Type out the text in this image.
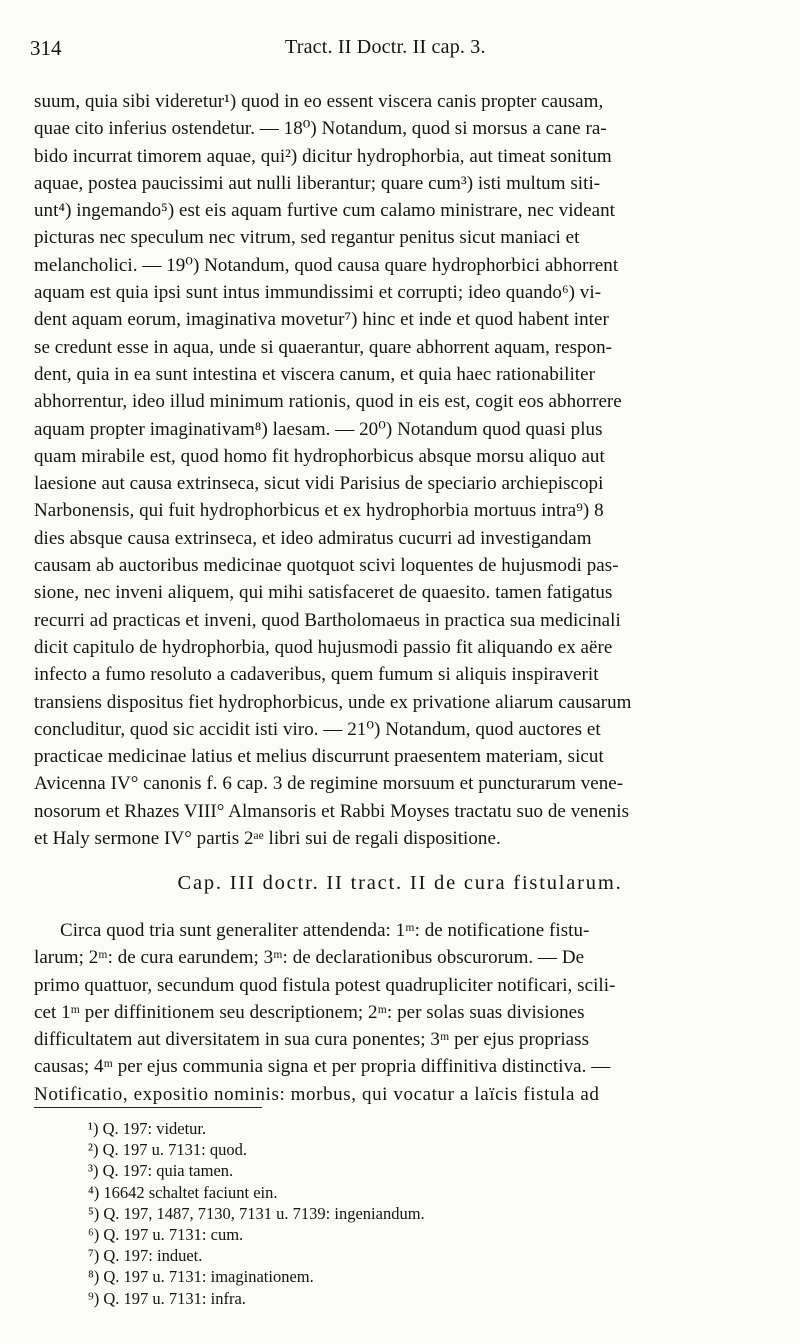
314	Tract. II Doctr. II cap. 3.
suum, quia sibi videretur¹) quod in eo essent viscera canis propter causam,
quae cito inferius ostendetur. — 18⁰) Notandum, quod si morsus a cane ra-
bido incurrat timorem aquae, qui²) dicitur hydrophorbia, aut timeat sonitum
aquae, postea paucissimi aut nulli liberantur; quare cum³) isti multum siti-
unt⁴) ingemando⁵) est eis aquam furtive cum calamo ministrare, nec videant
picturas nec speculum nec vitrum, sed regantur penitus sicut maniaci et
melancholici. — 19⁰) Notandum, quod causa quare hydrophorbici abhorrent
aquam est quia ipsi sunt intus immundissimi et corrupti; ideo quando⁶) vi-
dent aquam eorum, imaginativa movetur⁷) hinc et inde et quod habent inter
se credunt esse in aqua, unde si quaerantur, quare abhorrent aquam, respon-
dent, quia in ea sunt intestina et viscera canum, et quia haec rationabiliter
abhorrentur, ideo illud minimum rationis, quod in eis est, cogit eos abhorrere
aquam propter imaginativam⁸) laesam. — 20⁰) Notandum quod quasi plus
quam mirabile est, quod homo fit hydrophorbicus absque morsu aliquo aut
laesione aut causa extrinseca, sicut vidi Parisius de speciario archiepiscopi
Narbonensis, qui fuit hydrophorbicus et ex hydrophorbia mortuus intra⁹) 8
dies absque causa extrinseca, et ideo admiratus cucurri ad investigandam
causam ab auctoribus medicinae quotquot scivi loquentes de hujusmodi pas-
sione, nec inveni aliquem, qui mihi satisfaceret de quaesito. tamen fatigatus
recurri ad practicas et inveni, quod Bartholomaeus in practica sua medicinali
dicit capitulo de hydrophorbia, quod hujusmodi passio fit aliquando ex aëre
infecto a fumo resoluto a cadaveribus, quem fumum si aliquis inspiraverit
transiens dispositus fiet hydrophorbicus, unde ex privatione aliarum causarum
concluditur, quod sic accidit isti viro. — 21⁰) Notandum, quod auctores et
practicae medicinae latius et melius discurrunt praesentem materiam, sicut
Avicenna IV° canonis f. 6 cap. 3 de regimine morsuum et puncturarum vene-
nosorum et Rhazes VIII° Almansoris et Rabbi Moyses tractatu suo de venenis
et Haly sermone IV° partis 2ᵃᵉ libri sui de regali dispositione.
Cap. III doctr. II tract. II de cura fistularum.
Circa quod tria sunt generaliter attendenda: 1ᵐ: de notificatione fistu-
larum; 2ᵐ: de cura earundem; 3ᵐ: de declarationibus obscurorum. — De
primo quattuor, secundum quod fistula potest quadrupliciter notificari, scili-
cet 1ᵐ per diffinitionem seu descriptionem; 2ᵐ: per solas suas divisiones
difficultatem aut diversitatem in sua cura ponentes; 3ᵐ per ejus propriass
causas; 4ᵐ per ejus communia signa et per propria diffinitiva distinctiva. —
Notificatio, expositio nominis: morbus, qui vocatur a laïcis fistula ad
¹) Q. 197: videtur.
²) Q. 197 u. 7131: quod.
³) Q. 197: quia tamen.
⁴) 16642 schaltet faciunt ein.
⁵) Q. 197, 1487, 7130, 7131 u. 7139: ingeniandum.
⁶) Q. 197 u. 7131: cum.
⁷) Q. 197: induet.
⁸) Q. 197 u. 7131: imaginationem.
⁹) Q. 197 u. 7131: infra.
